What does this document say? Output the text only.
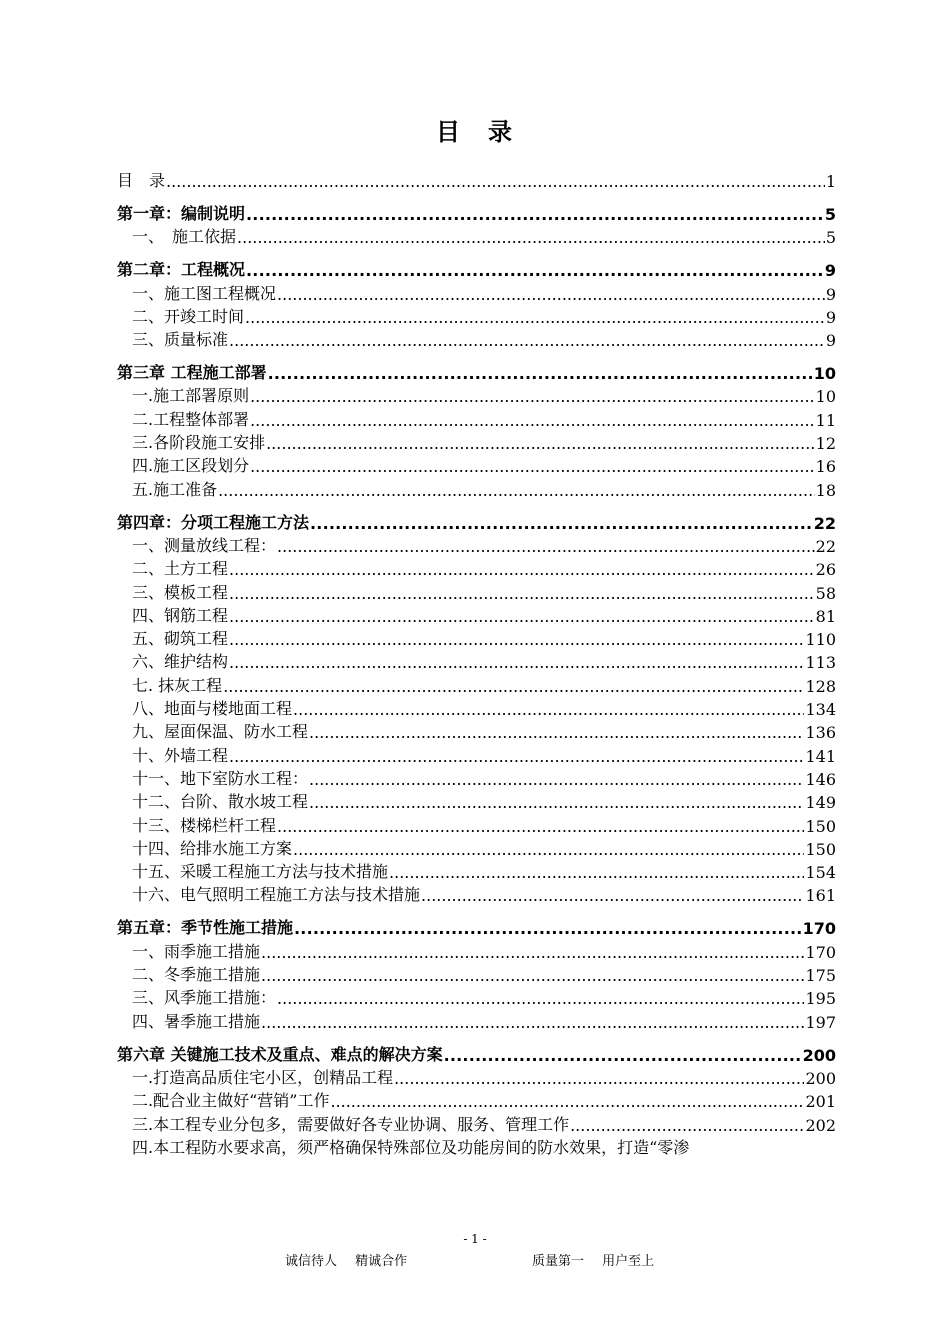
目　录
目　录 .....	1
第一章：编制说明 .....	5
一、　施工依据 .....	5
第二章：工程概况 .....	9
一、施工图工程概况 .....	9
二、开竣工时间 .....	9
三、质量标准 .....	9
第三章 工程施工部署 .....	10
一.施工部署原则 .....	10
二.工程整体部署 .....	11
三.各阶段施工安排 .....	12
四.施工区段划分 .....	16
五.施工准备 .....	18
第四章：分项工程施工方法 .....	22
一、测量放线工程： .....	22
二、土方工程 .....	26
三、模板工程 .....	58
四、钢筋工程 .....	81
五、砌筑工程 .....	110
六、维护结构 .....	113
七. 抹灰工程 .....	128
八、地面与楼地面工程 .....	134
九、屋面保温、防水工程 .....	136
十、外墙工程 .....	141
十一、地下室防水工程： .....	146
十二、台阶、散水坡工程 .....	149
十三、楼梯栏杆工程 .....	150
十四、给排水施工方案 .....	150
十五、采暖工程施工方法与技术措施 .....	154
十六、电气照明工程施工方法与技术措施 .....	161
第五章：季节性施工措施 .....	170
一、雨季施工措施 .....	170
二、冬季施工措施 .....	175
三、风季施工措施： .....	195
四、暑季施工措施 .....	197
第六章 关键施工技术及重点、难点的解决方案 .....	200
一.打造高品质住宅小区，创精品工程 .....	200
二.配合业主做好“营销”工作 .....	201
三.本工程专业分包多，需要做好各专业协调、服务、管理工作 .....	202
四.本工程防水要求高，须严格确保特殊部位及功能房间的防水效果，打造“零渗
- 1 -
诚信待人 精诚合作	质量第一 用户至上
